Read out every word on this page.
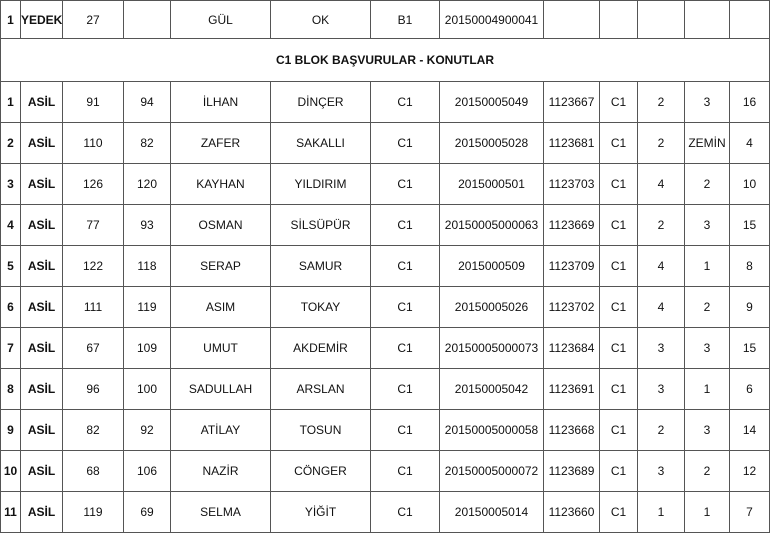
1	YEDEK	27		GÜL	OK	B1	20150004900041					
C1 BLOK BAŞVURULAR - KONUTLAR												
1	ASİL	91	94	İLHAN	DİNÇER	C1	20150005049	1123667	C1	2	3	16
2	ASİL	110	82	ZAFER	SAKALLI	C1	20150005028	1123681	C1	2	ZEMİN	4
3	ASİL	126	120	KAYHAN	YILDIRIM	C1	2015000501	1123703	C1	4	2	10
4	ASİL	77	93	OSMAN	SİLSÜPÜR	C1	20150005000063	1123669	C1	2	3	15
5	ASİL	122	118	SERAP	SAMUR	C1	2015000509	1123709	C1	4	1	8
6	ASİL	111	119	ASIM	TOKAY	C1	20150005026	1123702	C1	4	2	9
7	ASİL	67	109	UMUT	AKDEMİR	C1	20150005000073	1123684	C1	3	3	15
8	ASİL	96	100	SADULLAH	ARSLAN	C1	20150005042	1123691	C1	3	1	6
9	ASİL	82	92	ATİLAY	TOSUN	C1	20150005000058	1123668	C1	2	3	14
10	ASİL	68	106	NAZİR	CÖNGER	C1	20150005000072	1123689	C1	3	2	12
11	ASİL	119	69	SELMA	YİĞİT	C1	20150005014	1123660	C1	1	1	7
